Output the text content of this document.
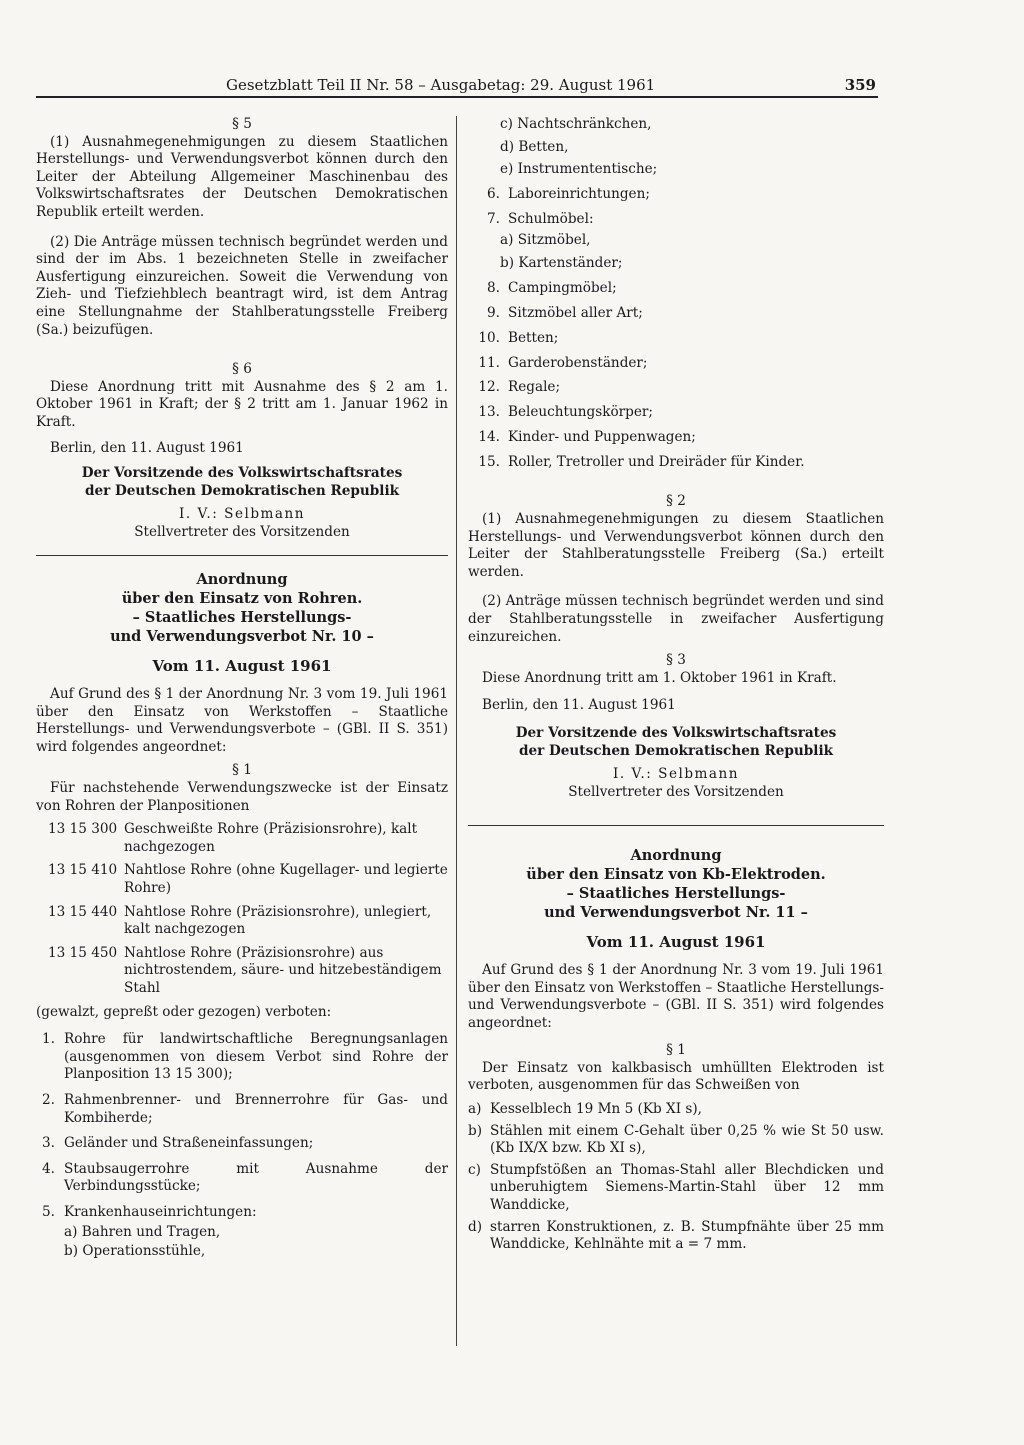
Gesetzblatt Teil II Nr. 58 – Ausgabetag: 29. August 1961	359

§ 5

(1) Ausnahmegenehmigungen zu diesem Staatlichen Herstellungs- und Verwendungsverbot können durch den Leiter der Abteilung Allgemeiner Maschinenbau des Volkswirtschaftsrates der Deutschen Demokratischen Republik erteilt werden.

(2) Die Anträge müssen technisch begründet werden und sind der im Abs. 1 bezeichneten Stelle in zweifacher Ausfertigung einzureichen. Soweit die Verwendung von Zieh- und Tiefziehblech beantragt wird, ist dem Antrag eine Stellungnahme der Stahlberatungsstelle Freiberg (Sa.) beizufügen.

§ 6

Diese Anordnung tritt mit Ausnahme des § 2 am 1. Oktober 1961 in Kraft; der § 2 tritt am 1. Januar 1962 in Kraft.

Berlin, den 11. August 1961

Der Vorsitzende des Volkswirtschaftsrates
der Deutschen Demokratischen Republik
I. V.: Selbmann
Stellvertreter des Vorsitzenden
Anordnung
über den Einsatz von Rohren.
– Staatliches Herstellungs-
und Verwendungsverbot Nr. 10 –
Vom 11. August 1961

Auf Grund des § 1 der Anordnung Nr. 3 vom 19. Juli 1961 über den Einsatz von Werkstoffen – Staatliche Herstellungs- und Verwendungsverbote – (GBl. II S. 351) wird folgendes angeordnet:

§ 1

Für nachstehende Verwendungszwecke ist der Einsatz von Rohren der Planpositionen

13 15 300 Geschweißte Rohre (Präzisionsrohre), kalt nachgezogen
13 15 410 Nahtlose Rohre (ohne Kugellager- und legierte Rohre)
13 15 440 Nahtlose Rohre (Präzisionsrohre), unlegiert, kalt nachgezogen
13 15 450 Nahtlose Rohre (Präzisionsrohre) aus nichtrostendem, säure- und hitzebeständigem Stahl

(gewalzt, gepreßt oder gezogen) verboten:

1. Rohre für landwirtschaftliche Beregnungsanlagen (ausgenommen von diesem Verbot sind Rohre der Planposition 13 15 300);
2. Rahmenbrenner- und Brennerrohre für Gas- und Kombiherde;
3. Geländer und Straßeneinfassungen;
4. Staubsaugerrohre mit Ausnahme der Verbindungsstücke;
5. Krankenhauseinrichtungen:
a) Bahren und Tragen,
b) Operationsstühle,
c) Nachtschränkchen,
d) Betten,
e) Instrumententische;
6. Laboreinrichtungen;
7. Schulmöbel:
a) Sitzmöbel,
b) Kartenständer;
8. Campingmöbel;
9. Sitzmöbel aller Art;
10. Betten;
11. Garderobenständer;
12. Regale;
13. Beleuchtungskörper;
14. Kinder- und Puppenwagen;
15. Roller, Tretroller und Dreiräder für Kinder.

§ 2

(1) Ausnahmegenehmigungen zu diesem Staatlichen Herstellungs- und Verwendungsverbot können durch den Leiter der Stahlberatungsstelle Freiberg (Sa.) erteilt werden.

(2) Anträge müssen technisch begründet werden und sind der Stahlberatungsstelle in zweifacher Ausfertigung einzureichen.

§ 3

Diese Anordnung tritt am 1. Oktober 1961 in Kraft.

Berlin, den 11. August 1961

Der Vorsitzende des Volkswirtschaftsrates
der Deutschen Demokratischen Republik
I. V.: Selbmann
Stellvertreter des Vorsitzenden
Anordnung
über den Einsatz von Kb-Elektroden.
– Staatliches Herstellungs-
und Verwendungsverbot Nr. 11 –
Vom 11. August 1961

Auf Grund des § 1 der Anordnung Nr. 3 vom 19. Juli 1961 über den Einsatz von Werkstoffen – Staatliche Herstellungs- und Verwendungsverbote – (GBl. II S. 351) wird folgendes angeordnet:

§ 1

Der Einsatz von kalkbasisch umhüllten Elektroden ist verboten, ausgenommen für das Schweißen von

a) Kesselblech 19 Mn 5 (Kb XI s),
b) Stählen mit einem C-Gehalt über 0,25 % wie St 50 usw. (Kb IX/X bzw. Kb XI s),
c) Stumpfstößen an Thomas-Stahl aller Blechdicken und unberuhigtem Siemens-Martin-Stahl über 12 mm Wanddicke,
d) starren Konstruktionen, z. B. Stumpfnähte über 25 mm Wanddicke, Kehlnähte mit a = 7 mm.
